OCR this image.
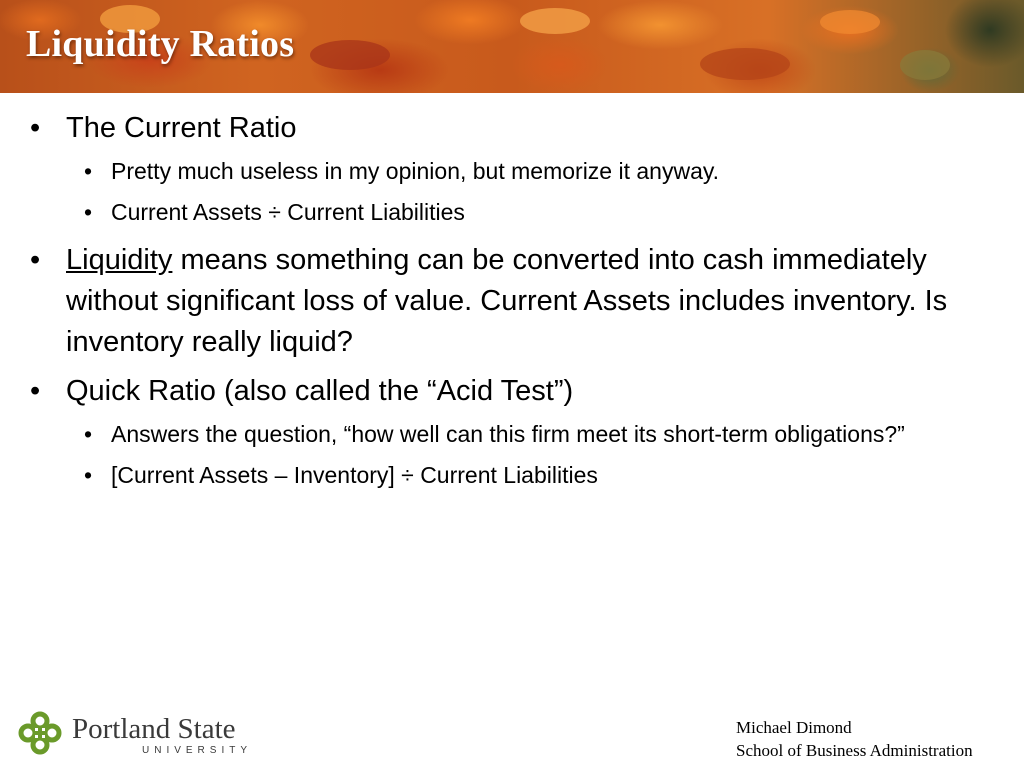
Liquidity Ratios
• The Current Ratio
• Pretty much useless in my opinion, but memorize it anyway.
• Current Assets ÷ Current Liabilities
• Liquidity means something can be converted into cash immediately without significant loss of value. Current Assets includes inventory. Is inventory really liquid?
• Quick Ratio (also called the “Acid Test”)
• Answers the question, “how well can this firm meet its short-term obligations?”
• [Current Assets – Inventory] ÷ Current Liabilities
Portland State
UNIVERSITY
Michael Dimond
School of Business Administration
